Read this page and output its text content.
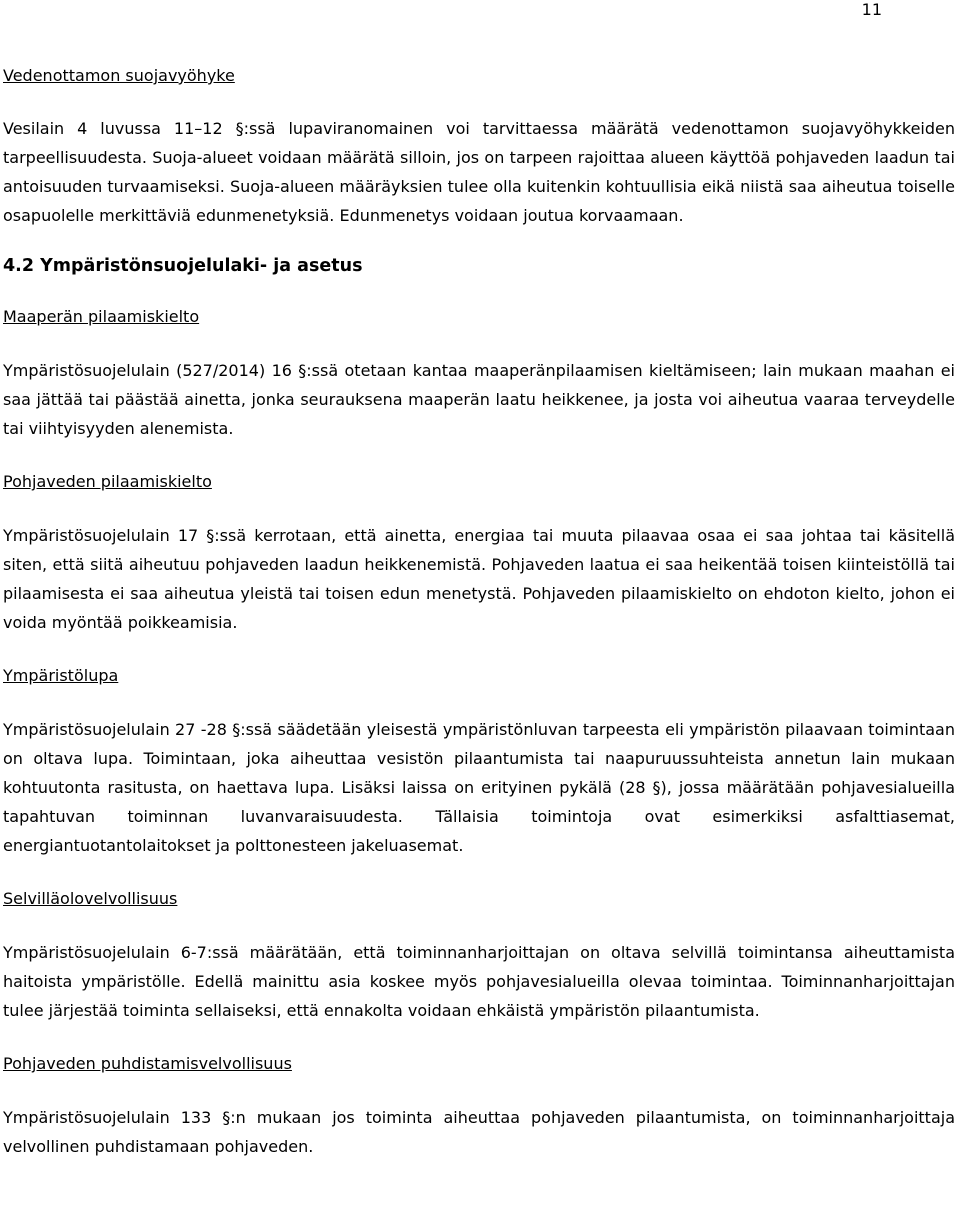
11

Vedenottamon suojavyöhyke

Vesilain 4 luvussa 11–12 §:ssä lupaviranomainen voi tarvittaessa määrätä vedenottamon suojavyöhykkeiden tarpeellisuudesta. Suoja-alueet voidaan määrätä silloin, jos on tarpeen rajoittaa alueen käyttöä pohjaveden laadun tai antoisuuden turvaamiseksi. Suoja-alueen määräyksien tulee olla kuitenkin kohtuullisia eikä niistä saa aiheutua toiselle osapuolelle merkittäviä edunmenetyksiä. Edunmenetys voidaan joutua korvaamaan.

4.2 Ympäristönsuojelulaki- ja asetus

Maaperän pilaamiskielto

Ympäristösuojelulain (527/2014) 16 §:ssä otetaan kantaa maaperänpilaamisen kieltämiseen; lain mukaan maahan ei saa jättää tai päästää ainetta, jonka seurauksena maaperän laatu heikkenee, ja josta voi aiheutua vaaraa terveydelle tai viihtyisyyden alenemista.

Pohjaveden pilaamiskielto

Ympäristösuojelulain 17 §:ssä kerrotaan, että ainetta, energiaa tai muuta pilaavaa osaa ei saa johtaa tai käsitellä siten, että siitä aiheutuu pohjaveden laadun heikkenemistä. Pohjaveden laatua ei saa heikentää toisen kiinteistöllä tai pilaamisesta ei saa aiheutua yleistä tai toisen edun menetystä. Pohjaveden pilaamiskielto on ehdoton kielto, johon ei voida myöntää poikkeamisia.

Ympäristölupa

Ympäristösuojelulain 27 -28 §:ssä säädetään yleisestä ympäristönluvan tarpeesta eli ympäristön pilaavaan toimintaan on oltava lupa. Toimintaan, joka aiheuttaa vesistön pilaantumista tai naapuruussuhteista annetun lain mukaan kohtuutonta rasitusta, on haettava lupa. Lisäksi laissa on erityinen pykälä (28 §), jossa määrätään pohjavesialueilla tapahtuvan toiminnan luvanvaraisuudesta. Tällaisia toimintoja ovat esimerkiksi asfalttiasemat, energiantuotantolaitokset ja polttonesteen jakeluasemat.

Selvilläolovelvollisuus

Ympäristösuojelulain 6-7:ssä määrätään, että toiminnanharjoittajan on oltava selvillä toimintansa aiheuttamista haitoista ympäristölle. Edellä mainittu asia koskee myös pohjavesialueilla olevaa toimintaa. Toiminnanharjoittajan tulee järjestää toiminta sellaiseksi, että ennakolta voidaan ehkäistä ympäristön pilaantumista.

Pohjaveden puhdistamisvelvollisuus

Ympäristösuojelulain 133 §:n mukaan jos toiminta aiheuttaa pohjaveden pilaantumista, on toiminnanharjoittaja velvollinen puhdistamaan pohjaveden.
